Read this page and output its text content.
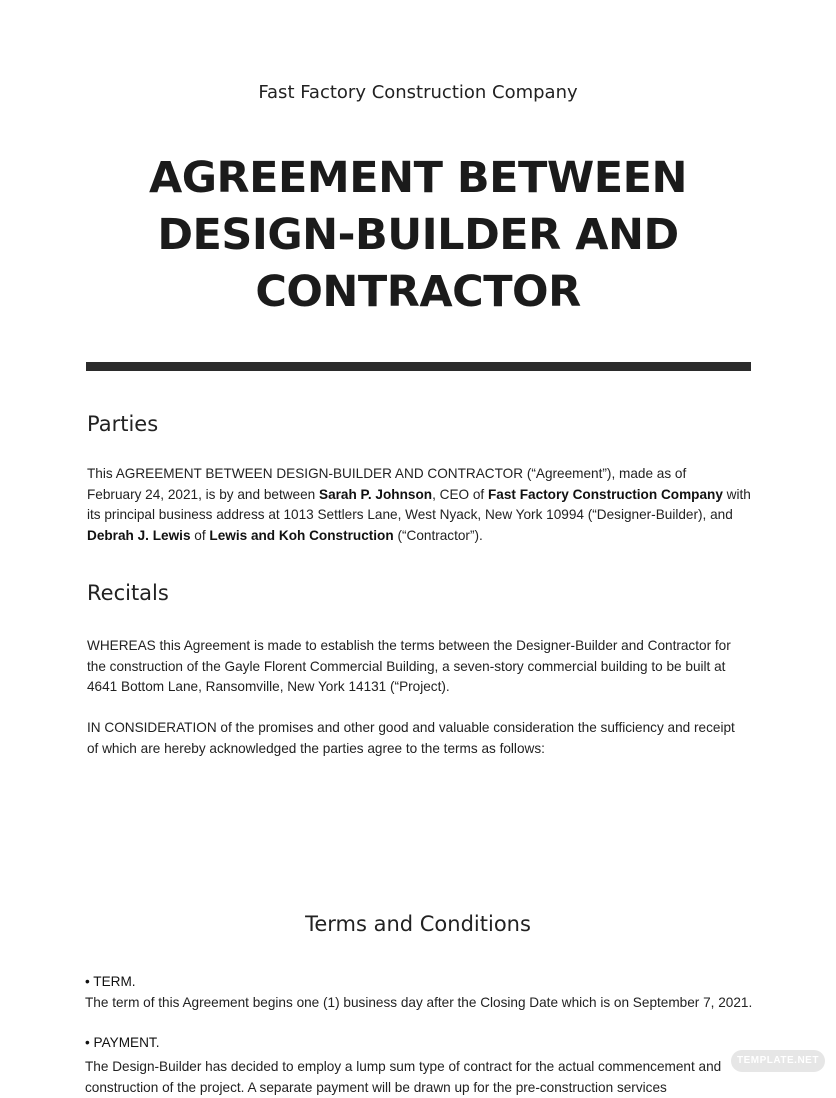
Fast Factory Construction Company
AGREEMENT BETWEEN
DESIGN-BUILDER AND
CONTRACTOR
Parties
This AGREEMENT BETWEEN DESIGN-BUILDER AND CONTRACTOR (“Agreement”), made as of
February 24, 2021, is by and between Sarah P. Johnson, CEO of Fast Factory Construction Company with
its principal business address at 1013 Settlers Lane, West Nyack, New York 10994 (“Designer-Builder), and
Debrah J. Lewis of Lewis and Koh Construction (“Contractor”).
Recitals
WHEREAS this Agreement is made to establish the terms between the Designer-Builder and Contractor for
the construction of the Gayle Florent Commercial Building, a seven-story commercial building to be built at
4641 Bottom Lane, Ransomville, New York 14131 (“Project).
IN CONSIDERATION of the promises and other good and valuable consideration the sufficiency and receipt
of which are hereby acknowledged the parties agree to the terms as follows:
Terms and Conditions
• TERM.
The term of this Agreement begins one (1) business day after the Closing Date which is on September 7, 2021.
• PAYMENT.
The Design-Builder has decided to employ a lump sum type of contract for the actual commencement and
construction of the project. A separate payment will be drawn up for the pre-construction services
TEMPLATE.NET
